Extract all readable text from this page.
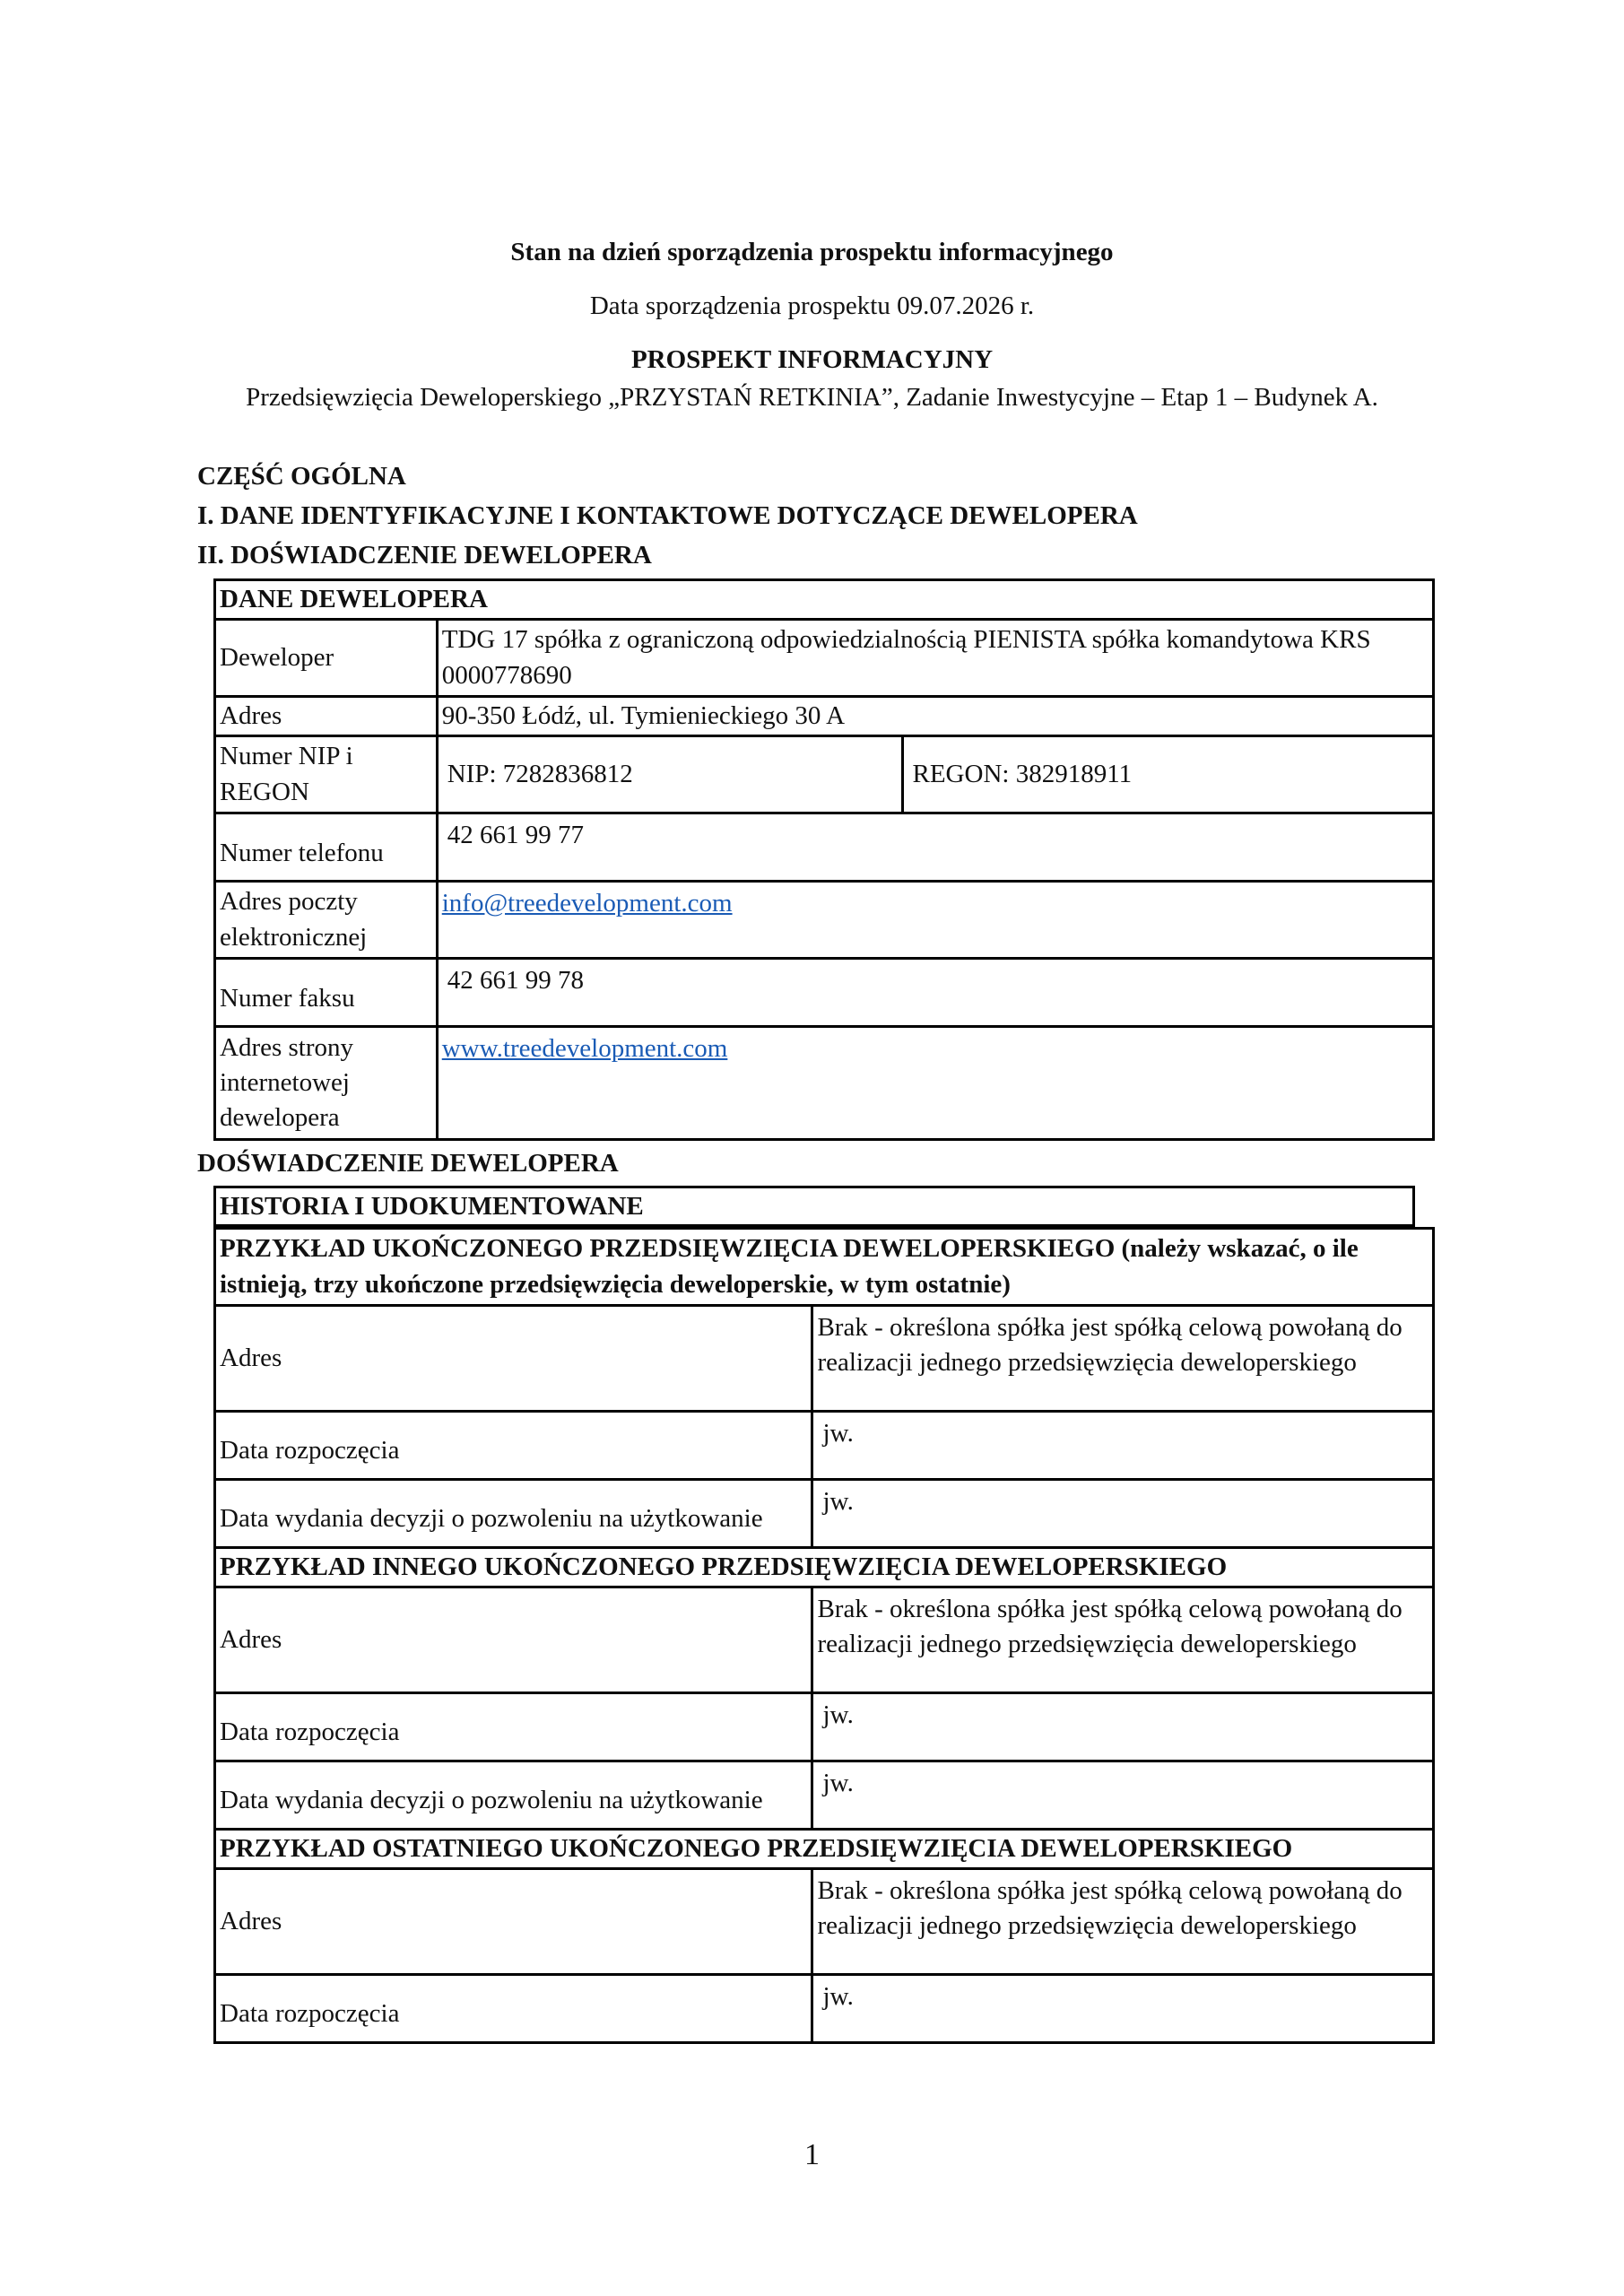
Stan na dzień sporządzenia prospektu informacyjnego
Data sporządzenia prospektu 09.07.2026 r.
PROSPEKT INFORMACYJNY
Przedsięwzięcia Deweloperskiego „PRZYSTAŃ RETKINIA”, Zadanie Inwestycyjne – Etap 1 – Budynek A.
CZĘŚĆ OGÓLNA
I. DANE IDENTYFIKACYJNE I KONTAKTOWE DOTYCZĄCE DEWELOPERA
II. DOŚWIADCZENIE DEWELOPERA
DANE DEWELOPERA		
Deweloper	TDG 17 spółka z ograniczoną odpowiedzialnością PIENISTA spółka komandytowa KRS 0000778690	
Adres	90-350 Łódź, ul. Tymienieckiego 30 A	
Numer NIP i REGON	NIP: 7282836812	REGON: 382918911
Numer telefonu	42 661 99 77	
Adres poczty elektronicznej	info@treedevelopment.com	
Numer faksu	42 661 99 78	
Adres strony internetowej dewelopera	www.treedevelopment.com	
DOŚWIADCZENIE DEWELOPERA
HISTORIA I UDOKUMENTOWANE
PRZYKŁAD UKOŃCZONEGO PRZEDSIĘWZIĘCIA DEWELOPERSKIEGO (należy wskazać, o ile istnieją, trzy ukończone przedsięwzięcia deweloperskie, w tym ostatnie)	
Adres	Brak - określona spółka jest spółką celową powołaną do realizacji jednego przedsięwzięcia deweloperskiego
Data rozpoczęcia	jw.
Data wydania decyzji o pozwoleniu na użytkowanie	jw.
PRZYKŁAD INNEGO UKOŃCZONEGO PRZEDSIĘWZIĘCIA DEWELOPERSKIEGO	
Adres	Brak - określona spółka jest spółką celową powołaną do realizacji jednego przedsięwzięcia deweloperskiego
Data rozpoczęcia	jw.
Data wydania decyzji o pozwoleniu na użytkowanie	jw.
PRZYKŁAD OSTATNIEGO UKOŃCZONEGO PRZEDSIĘWZIĘCIA DEWELOPERSKIEGO	
Adres	Brak - określona spółka jest spółką celową powołaną do realizacji jednego przedsięwzięcia deweloperskiego
Data rozpoczęcia	jw.
1
